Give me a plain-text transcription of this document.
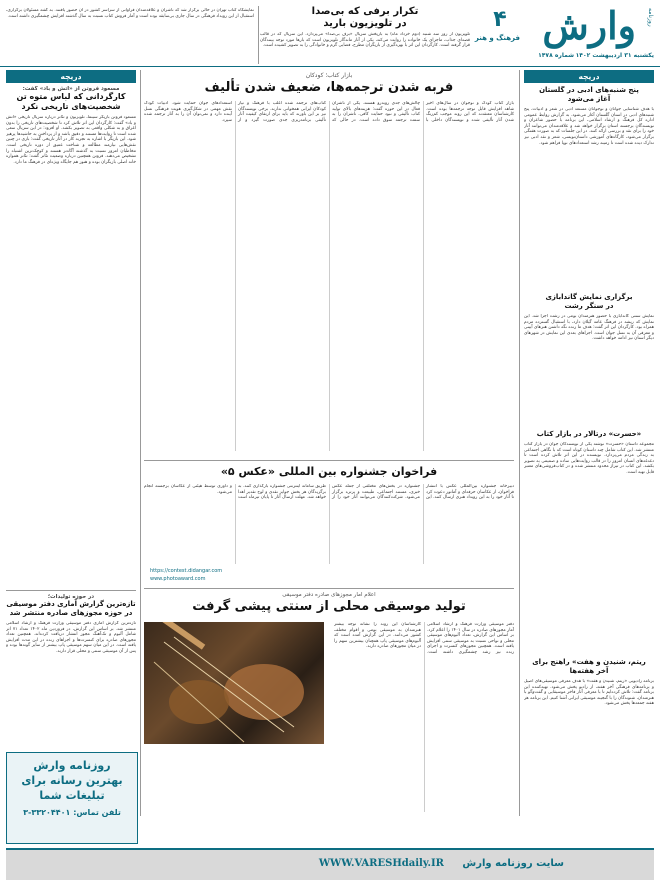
وارش روزنامه
یکشنبه ۳۱ اردیبهشت ۱۴۰۲
شماره ۱۴۷۸
۴
فرهنگ و هنر
تکرار برفی که بی‌صدا
در تلویزیون بارید
تلویزیون از روز سه شنبه (دوم خرداد ماه) به بازپخش سریال «برف بی‌صدا» می‌پردازد. این سریال که در قالب قصه‌ای جذاب، ماجرای یک خانواده را روایت می‌کند، یکی از آثار ماندگار تلویزیون است که بارها مورد توجه بینندگان قرار گرفته است. کارگردان این اثر با بهره‌گیری از بازیگران مطرح، فضایی گرم و خانوادگی را به تصویر کشیده است.
نمایشگاه کتاب تهران در حالی برگزار شد که ناشران و علاقه‌مندان فراوانی از سراسر کشور در آن حضور یافتند. به گفته مسئولان برگزاری، استقبال از این رویداد فرهنگی در سال جاری بی‌سابقه بوده است و آمار فروش کتاب نسبت به سال گذشته افزایش چشمگیری داشته است.
دریچه
پنج شنبه‌های ادبی در گلستان
آغاز می‌شود
با هدف شناسایی جوانان و نوجوانان مستعد ادبی در شعر و ادبیات، پنج شنبه‌های ادبی در استان گلستان آغاز می‌شود. به گزارش روابط عمومی اداره کل فرهنگ و ارشاد اسلامی، این برنامه با حضور شاعران و نویسندگان برجسته استان برگزار خواهد شد و علاقه‌مندان می‌توانند آثار خود را برای نقد و بررسی ارائه کنند. در این جلسات که به صورت هفتگی برگزار می‌شود، کارگاه‌های آموزشی داستان‌نویسی، شعر و نقد ادبی نیز تدارک دیده شده است تا زمینه رشد استعدادهای نوپا فراهم شود.
برگزاری نمایش گاندابازی
در سنگر رشت
نمایش سنتی گاندابازی با حضور هنرمندان بومی در رشت اجرا شد. این نمایش که ریشه در فرهنگ عامه گیلان دارد، با استقبال گسترده مردم همراه بود. کارگردان این اثر گفت: هدف ما زنده نگه داشتن هنرهای آیینی و معرفی آن به نسل جوان است. اجراهای بعدی این نمایش در شهرهای دیگر استان نیز ادامه خواهد داشت.
«حسرت» درتالار در بازار کتاب
مجموعه داستان «حسرت» نوشته یکی از نویسندگان جوان در بازار کتاب منتشر شد. این کتاب شامل چند داستان کوتاه است که با نگاهی اجتماعی به زندگی مردم می‌پردازد. نویسنده در این اثر تلاش کرده است تا دغدغه‌های انسان امروز را در قالب روایت‌هایی ساده و صمیمی به تصویر بکشد. این کتاب در تیراژ محدود منتشر شده و در کتاب‌فروشی‌های معتبر قابل تهیه است.
ریتم، شنیدن و هفت» راهنج برای
آخر هفته‌ها
برنامه رادیویی «ریتم، شنیدن و هفت» با هدف معرفی موسیقی‌های اصیل و برنامه‌های فرهنگی آخر هفته، از رادیو پخش می‌شود. تهیه‌کننده این برنامه گفت: تلاش کرده‌ایم تا با معرفی آثار فاخر موسیقایی و گفت‌وگو با هنرمندان، شنوندگان را با گنجینه موسیقی ایرانی آشنا کنیم. این برنامه هر هفته جمعه‌ها پخش می‌شود.
بازار کتاب؛ کودکان
فربه شدن ترجمه‌ها، ضعیف شدن تألیف
بازار کتاب کودک و نوجوان در سال‌های اخیر شاهد افزایش قابل توجه ترجمه‌ها بوده است. کارشناسان معتقدند که این روند موجب کم‌رنگ شدن آثار تألیفی شده و نویسندگان داخلی با چالش‌های جدی روبه‌رو هستند. یکی از ناشران فعال در این حوزه گفت: هزینه‌های بالای تولید کتاب تألیفی و نبود حمایت کافی، ناشران را به سمت ترجمه سوق داده است. در حالی که کتاب‌های ترجمه شده اغلب با فرهنگ و نیاز کودکان ایرانی همخوانی ندارند. برخی نویسندگان نیز بر این باورند که باید برای ارتقای کیفیت آثار تألیفی برنامه‌ریزی جدی صورت گیرد و از استعدادهای جوان حمایت شود. ادبیات کودک نقش مهمی در شکل‌گیری هویت فرهنگی نسل آینده دارد و نمی‌توان آن را به آثار ترجمه شده سپرد.
دریچه
مسعود فروتن از «آتش و باد» گفت:
کارگردانی که لباس متوه تن
شخصیت‌های تاریخی نکرد
مسعود فروتن بازیگر سینما، تلویزیون و تئاتر درباره سریال تاریخی «آتش و باد» گفت: کارگردان این اثر تلاش کرد تا شخصیت‌های تاریخی را بدون اغراق و به شکلی واقعی به تصویر بکشد. او افزود: در این سریال سعی شده است تا روایت‌ها مستند و دقیق باشد و از پرداختن به حاشیه‌ها پرهیز شود. این بازیگر با اشاره به تجربه کار در آثار تاریخی گفت: بازی در چنین نقش‌هایی نیازمند مطالعه و شناخت عمیق از دوره تاریخی است. مخاطبان امروز نسبت به گذشته آگاه‌تر هستند و کوچک‌ترین اشتباه را تشخیص می‌دهند. فروتن همچنین درباره وضعیت تئاتر گفت: تئاتر همواره خانه اصلی بازیگران بوده و هنوز هم جایگاه ویژه‌ای در فرهنگ ما دارد.
فراخوان جشنواره بین المللی «عکس ۵»
دبیرخانه جشنواره بین‌المللی عکس با انتشار فراخوان، از عکاسان حرفه‌ای و آماتور دعوت کرد تا آثار خود را به این رویداد هنری ارسال کنند. این جشنواره در بخش‌های مختلفی از جمله عکس خبری، مستند اجتماعی، طبیعت و پرتره برگزار می‌شود. شرکت‌کنندگان می‌توانند آثار خود را از طریق سامانه اینترنتی جشنواره بارگذاری کنند. به برگزیدگان هر بخش جوایز نقدی و لوح تقدیر اهدا خواهد شد. مهلت ارسال آثار تا پایان تیرماه است و داوری توسط هیئتی از عکاسان برجسته انجام می‌شود.
https://contest.didangar.com
www.photoaward.com
اعلام آمار مجوزهای صادره دفتر موسیقی
تولید موسیقی محلی از سنتی پیشی گرفت
دفتر موسیقی وزارت فرهنگ و ارشاد اسلامی آمار مجوزهای صادره در سال ۱۴۰۱ را اعلام کرد. بر اساس این گزارش، تعداد آلبوم‌های موسیقی محلی و نواحی نسبت به موسیقی سنتی افزایش یافته است. همچنین مجوزهای کنسرت و اجرای زنده نیز رشد چشمگیری داشته است. کارشناسان این روند را نشانه توجه بیشتر هنرمندان به موسیقی بومی و اقوام مختلف کشور می‌دانند. در این گزارش آمده است که آلبوم‌های موسیقی پاپ همچنان بیشترین سهم را در میان مجوزهای صادره دارند.
در حوزه تولیدات؛
تازه‌ترین گزارش آماری دفتر موسیقی
در حوزه مجوزهای صادره منتشر شد
تازه‌ترین گزارش آماری دفتر موسیقی وزارت فرهنگ و ارشاد اسلامی منتشر شد. بر اساس این گزارش، در فروردین ماه ۱۴۰۲ تعداد ۷۱ اثر شامل آلبوم و تک‌آهنگ مجوز انتشار دریافت کرده‌اند. همچنین تعداد مجوزهای صادره برای کنسرت‌ها و اجراهای زنده در این مدت افزایش یافته است. در این میان سهم موسیقی پاپ بیشتر از سایر گونه‌ها بوده و پس از آن موسیقی سنتی و محلی قرار دارند.
روزنامه وارش
بهترین رسانه برای
تبلیغات شما
تلفن تماس: ۳۳۲۰۴۴۰۱-۳
سایت روزنامه وارش
WWW.VARESHdaily.IR
